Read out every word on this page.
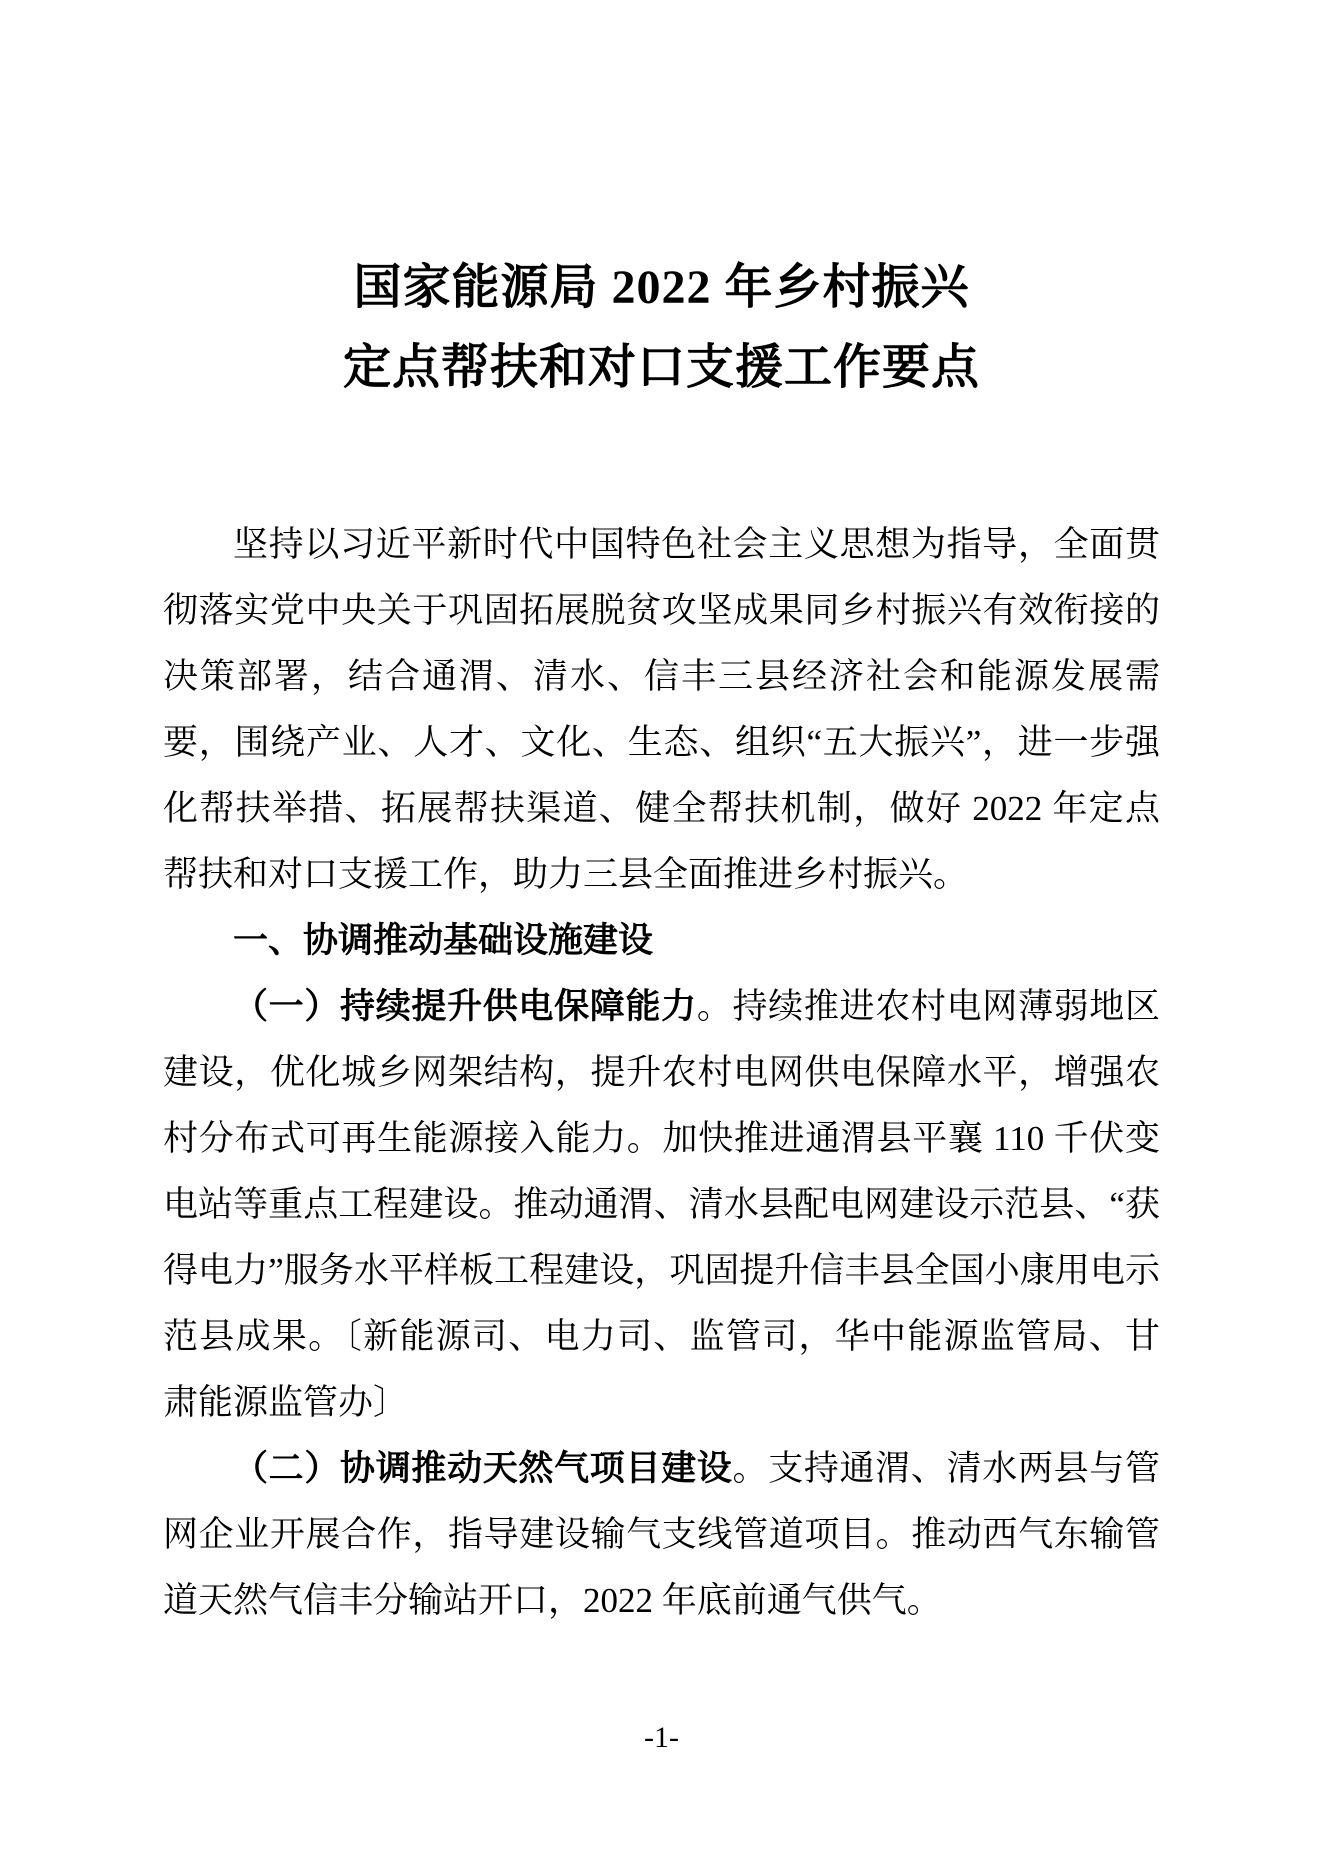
国家能源局 2022 年乡村振兴
定点帮扶和对口支援工作要点

坚持以习近平新时代中国特色社会主义思想为指导，全面贯彻落实党中央关于巩固拓展脱贫攻坚成果同乡村振兴有效衔接的决策部署，结合通渭、清水、信丰三县经济社会和能源发展需要，围绕产业、人才、文化、生态、组织“五大振兴”，进一步强化帮扶举措、拓展帮扶渠道、健全帮扶机制，做好 2022 年定点帮扶和对口支援工作，助力三县全面推进乡村振兴。

一、协调推动基础设施建设

（一）持续提升供电保障能力。持续推进农村电网薄弱地区建设，优化城乡网架结构，提升农村电网供电保障水平，增强农村分布式可再生能源接入能力。加快推进通渭县平襄 110 千伏变电站等重点工程建设。推动通渭、清水县配电网建设示范县、“获得电力”服务水平样板工程建设，巩固提升信丰县全国小康用电示范县成果。〔新能源司、电力司、监管司，华中能源监管局、甘肃能源监管办〕

（二）协调推动天然气项目建设。支持通渭、清水两县与管网企业开展合作，指导建设输气支线管道项目。推动西气东输管道天然气信丰分输站开口，2022 年底前通气供气。

-1-
